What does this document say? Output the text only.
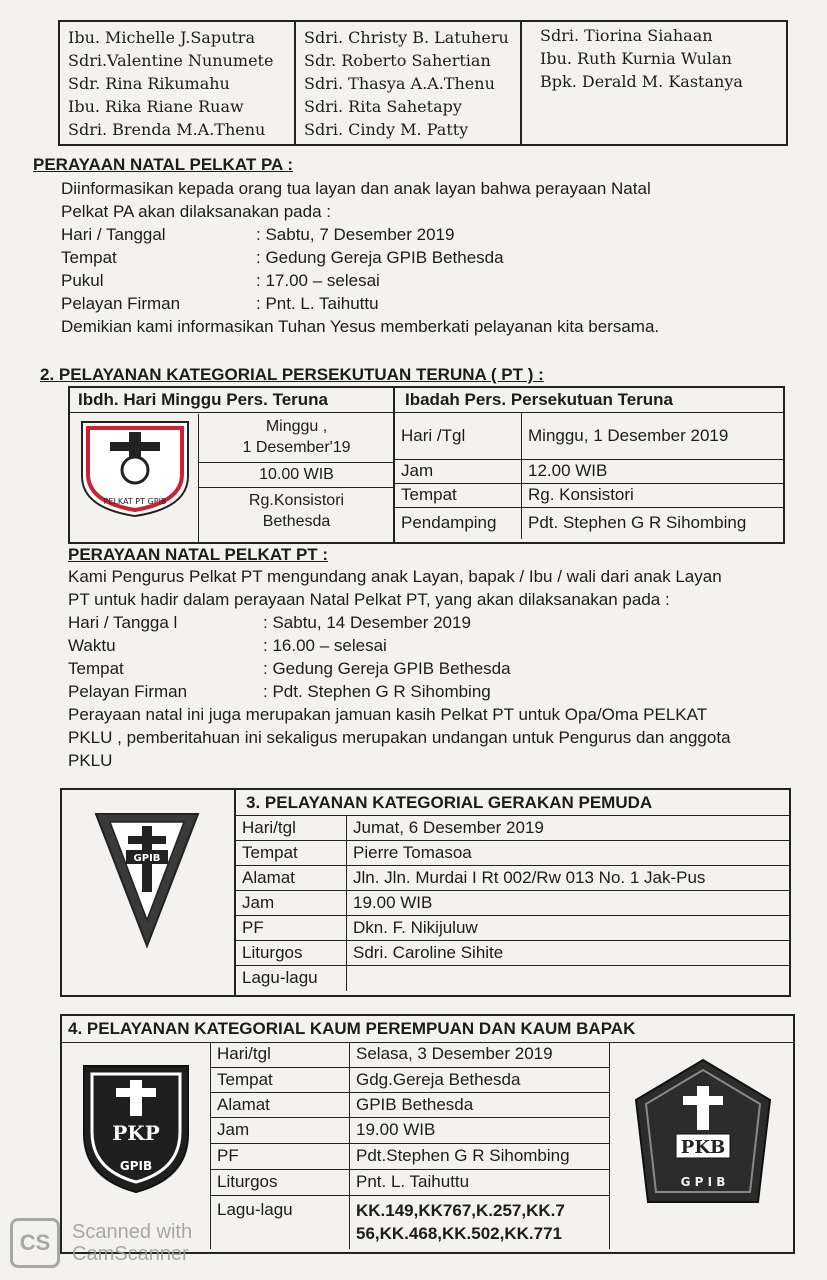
Ibu. Michelle J.Saputra
Sdri.Valentine Nunumete
Sdr. Rina Rikumahu
Ibu. Rika Riane Ruaw
Sdri. Brenda M.A.Thenu
Sdri. Christy B. Latuheru
Sdr. Roberto Sahertian
Sdri. Thasya A.A.Thenu
Sdri. Rita Sahetapy
Sdri. Cindy M. Patty
Sdri. Tiorina Siahaan
Ibu. Ruth Kurnia Wulan
Bpk. Derald M. Kastanya
PERAYAAN NATAL PELKAT PA :
Diinformasikan kepada orang tua layan dan anak layan bahwa perayaan Natal
Pelkat PA akan dilaksanakan pada :
Hari / Tanggal	: Sabtu, 7 Desember 2019
Tempat	: Gedung Gereja GPIB Bethesda
Pukul	: 17.00 – selesai
Pelayan Firman	: Pnt. L. Taihuttu
Demikian kami informasikan Tuhan Yesus memberkati pelayanan kita bersama.
2. PELAYANAN KATEGORIAL PERSEKUTUAN TERUNA ( PT ) :
Ibdh. Hari Minggu Pers. Teruna
PELKAT PT GPIB
Minggu ,
1 Desember'19
10.00 WIB
Rg.Konsistori
Bethesda
Ibadah Pers. Persekutuan Teruna
Hari /Tgl	Minggu, 1 Desember 2019
Jam	12.00 WIB
Tempat	Rg. Konsistori
Pendamping	Pdt. Stephen G R Sihombing
PERAYAAN NATAL PELKAT PT :
Kami Pengurus Pelkat PT mengundang anak Layan, bapak / Ibu / wali dari anak Layan
PT untuk hadir dalam perayaan Natal Pelkat PT, yang akan dilaksanakan pada :
Hari / Tangga l	: Sabtu, 14 Desember 2019
Waktu	: 16.00 – selesai
Tempat	: Gedung Gereja GPIB Bethesda
Pelayan Firman	: Pdt. Stephen G R Sihombing
Perayaan natal ini juga merupakan jamuan kasih Pelkat PT untuk Opa/Oma PELKAT
PKLU , pemberitahuan ini sekaligus merupakan undangan untuk Pengurus dan anggota
PKLU
GPIB
3. PELAYANAN KATEGORIAL GERAKAN PEMUDA
Hari/tgl	Jumat, 6 Desember 2019
Tempat	Pierre Tomasoa
Alamat	Jln. Jln. Murdai I Rt 002/Rw 013 No. 1 Jak-Pus
Jam	19.00 WIB
PF	Dkn. F. Nikijuluw
Liturgos	Sdri. Caroline Sihite
Lagu-lagu	
4. PELAYANAN KATEGORIAL KAUM PEREMPUAN DAN KAUM BAPAK
PKP
GPIB
Hari/tgl	Selasa, 3 Desember 2019
Tempat	Gdg.Gereja Bethesda
Alamat	GPIB Bethesda
Jam	19.00 WIB
PF	Pdt.Stephen G R Sihombing
Liturgos	Pnt. L. Taihuttu
Lagu-lagu	KK.149,KK767,K.257,KK.7
56,KK.468,KK.502,KK.771
PKB
G P I B
CS Scanned with
CamScanner
